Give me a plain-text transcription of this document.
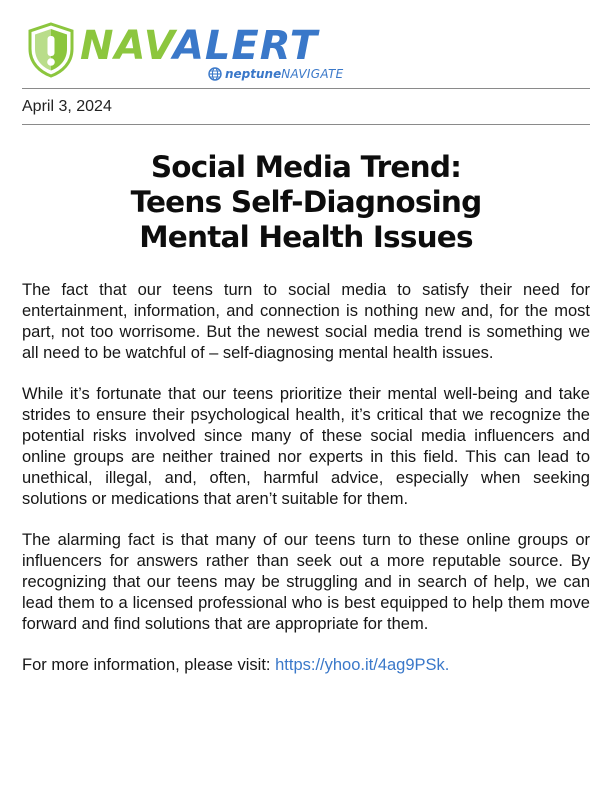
NAVALERT
neptune NAVIGATE
April 3, 2024
Social Media Trend:
Teens Self-Diagnosing
Mental Health Issues

The fact that our teens turn to social media to satisfy their need for entertainment, information, and connection is nothing new and, for the most part, not too worrisome. But the newest social media trend is something we all need to be watchful of – self-diagnosing mental health issues.

While it’s fortunate that our teens prioritize their mental well-being and take strides to ensure their psychological health, it’s critical that we recognize the potential risks involved since many of these social media influencers and online groups are neither trained nor experts in this field. This can lead to unethical, illegal, and, often, harmful advice, especially when seeking solutions or medications that aren’t suitable for them.

The alarming fact is that many of our teens turn to these online groups or influencers for answers rather than seek out a more reputable source. By recognizing that our teens may be struggling and in search of help, we can lead them to a licensed professional who is best equipped to help them move forward and find solutions that are appropriate for them.

For more information, please visit: https://yhoo.it/4ag9PSk.
